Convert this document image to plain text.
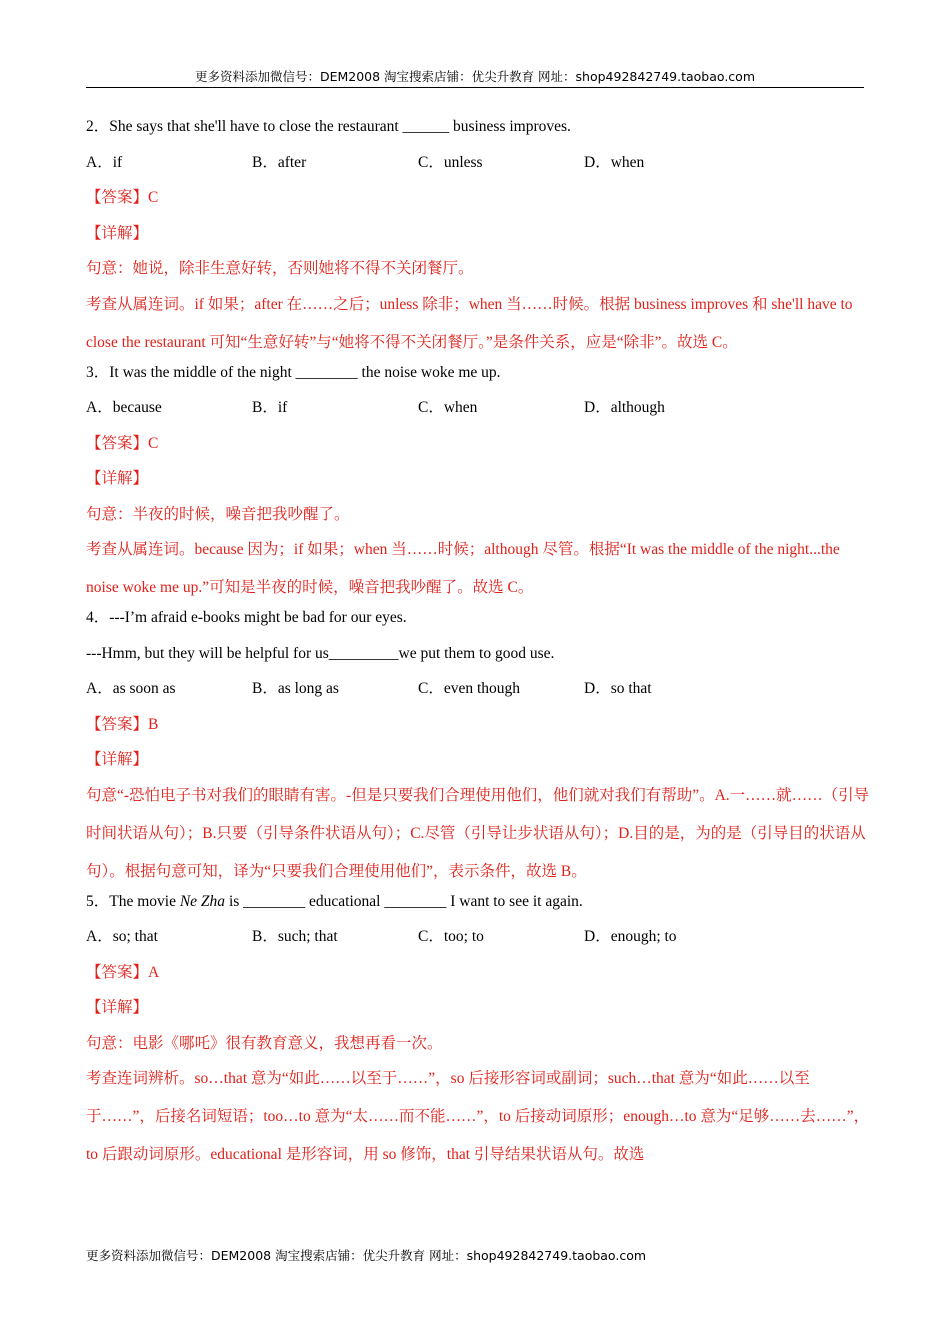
更多资料添加微信号：DEM2008 淘宝搜索店铺：优尖升教育 网址：shop492842749.taobao.com
2．She says that she'll have to close the restaurant ______ business improves.
A．if	B．after	C．unless	D．when
【答案】C
【详解】
句意：她说，除非生意好转，否则她将不得不关闭餐厅。
考查从属连词。if 如果；after 在……之后；unless 除非；when 当……时候。根据 business improves 和 she'll have to close the restaurant 可知“生意好转”与“她将不得不关闭餐厅。”是条件关系，应是“除非”。故选 C。
3．It was the middle of the night ________ the noise woke me up.
A．because	B．if	C．when	D．although
【答案】C
【详解】
句意：半夜的时候，噪音把我吵醒了。
考查从属连词。because 因为；if 如果；when 当……时候；although 尽管。根据“It was the middle of the night...the noise woke me up.”可知是半夜的时候，噪音把我吵醒了。故选 C。
4．---I’m afraid e-books might be bad for our eyes.
---Hmm, but they will be helpful for us_________we put them to good use.
A．as soon as	B．as long as	C．even though	D．so that
【答案】B
【详解】
句意“-恐怕电子书对我们的眼睛有害。-但是只要我们合理使用他们，他们就对我们有帮助”。A.一……就……（引导时间状语从句）；B.只要（引导条件状语从句）；C.尽管（引导让步状语从句）；D.目的是，为的是（引导目的状语从句）。根据句意可知，译为“只要我们合理使用他们”，表示条件，故选 B。
5．The movie Ne Zha is ________ educational ________ I want to see it again.
A．so; that	B．such; that	C．too; to	D．enough; to
【答案】A
【详解】
句意：电影《哪吒》很有教育意义，我想再看一次。
考查连词辨析。so…that 意为“如此……以至于……”，so 后接形容词或副词；such…that 意为“如此……以至于……”，后接名词短语；too…to 意为“太……而不能……”，to 后接动词原形；enough…to 意为“足够……去……”，to 后跟动词原形。educational 是形容词，用 so 修饰，that 引导结果状语从句。故选
更多资料添加微信号：DEM2008 淘宝搜索店铺：优尖升教育 网址：shop492842749.taobao.com
